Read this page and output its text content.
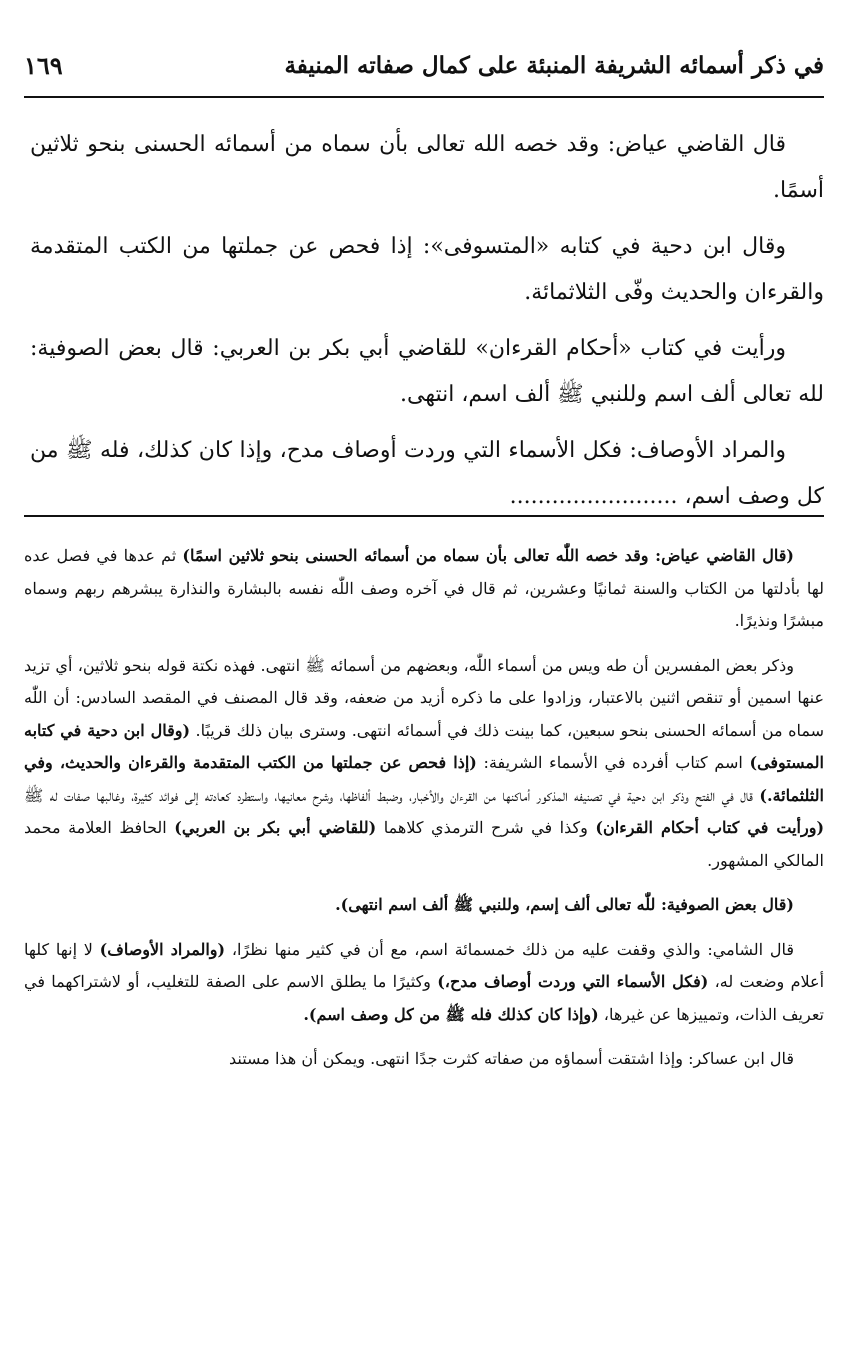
في ذكر أسمائه الشريفة المنبئة على كمال صفاته المنيفة
١٦٩

قال القاضي عياض: وقد خصه الله تعالى بأن سماه من أسمائه الحسنى بنحو ثلاثين أسمًا.

وقال ابن دحية في كتابه «المتسوفى»: إذا فحص عن جملتها من الكتب المتقدمة والقرءان والحديث وفّى الثلاثمائة.

ورأيت في كتاب «أحكام القرءان» للقاضي أبي بكر بن العربي: قال بعض الصوفية: لله تعالى ألف اسم وللنبي ﷺ ألف اسم، انتهى.

والمراد الأوصاف: فكل الأسماء التي وردت أوصاف مدح، وإذا كان كذلك، فله ﷺ من كل وصف اسم، ........................

(قال القاضي عياض: وقد خصه اللّٰه تعالى بأن سماه من أسمائه الحسنى بنحو ثلاثين اسمًا) ثم عدها في فصل عده لها بأدلتها من الكتاب والسنة ثمانيًا وعشرين، ثم قال في آخره وصف اللّٰه نفسه بالبشارة والنذارة يبشرهم ربهم وسماه مبشرًا ونذيرًا.

وذكر بعض المفسرين أن طه ويس من أسماء اللّٰه، وبعضهم من أسمائه ﷺ انتهى. فهذه نكتة قوله بنحو ثلاثين، أي تزيد عنها اسمين أو تنقص اثنين بالاعتبار، وزادوا على ما ذكره أزيد من ضعفه، وقد قال المصنف في المقصد السادس: أن اللّٰه سماه من أسمائه الحسنى بنحو سبعين، كما بينت ذلك في أسمائه انتهى. وسترى بيان ذلك قريبًا. (وقال ابن دحية في كتابه المستوفى) اسم كتاب أفرده في الأسماء الشريفة: (إذا فحص عن جملتها من الكتب المتقدمة والقرءان والحديث، وفي الثلثمائة.) قال في الفتح وذكر ابن دحية في تصنيفه المذكور أماكنها من القرءان والأخبار، وضبط ألفاظها، وشرح معانيها، واستطرد كعادته إلى فوائد كثيرة، وغالبها صفات له ﷺ (ورأيت في كتاب أحكام القرءان) وكذا في شرح الترمذي كلاهما (للقاضي أبي بكر بن العربي) الحافظ العلامة محمد المالكي المشهور.

(قال بعض الصوفية: للّٰه تعالى ألف إسم، وللنبي ﷺ ألف اسم انتهى).

قال الشامي: والذي وقفت عليه من ذلك خمسمائة اسم، مع أن في كثير منها نظرًا، (والمراد الأوصاف) لا إنها كلها أعلام وضعت له، (فكل الأسماء التي وردت أوصاف مدح،) وكثيرًا ما يطلق الاسم على الصفة للتغليب، أو لاشتراكهما في تعريف الذات، وتمييزها عن غيرها، (وإذا كان كذلك فله ﷺ من كل وصف اسم).

قال ابن عساكر: وإذا اشتقت أسماؤه من صفاته كثرت جدًا انتهى. ويمكن أن هذا مستند
